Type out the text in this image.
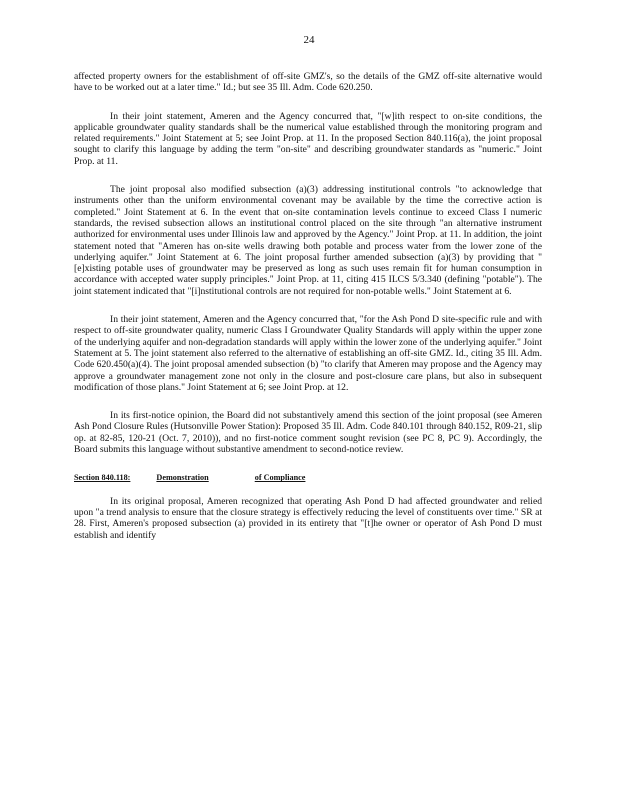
24

affected property owners for the establishment of off-site GMZ's, so the details of the GMZ off-site alternative would have to be worked out at a later time." Id.; but see 35 Ill. Adm. Code 620.250.

In their joint statement, Ameren and the Agency concurred that, "[w]ith respect to on-site conditions, the applicable groundwater quality standards shall be the numerical value established through the monitoring program and related requirements." Joint Statement at 5; see Joint Prop. at 11. In the proposed Section 840.116(a), the joint proposal sought to clarify this language by adding the term "on-site" and describing groundwater standards as "numeric." Joint Prop. at 11.

The joint proposal also modified subsection (a)(3) addressing institutional controls "to acknowledge that instruments other than the uniform environmental covenant may be available by the time the corrective action is completed." Joint Statement at 6. In the event that on-site contamination levels continue to exceed Class I numeric standards, the revised subsection allows an institutional control placed on the site through "an alternative instrument authorized for environmental uses under Illinois law and approved by the Agency." Joint Prop. at 11. In addition, the joint statement noted that "Ameren has on-site wells drawing both potable and process water from the lower zone of the underlying aquifer." Joint Statement at 6. The joint proposal further amended subsection (a)(3) by providing that "[e]xisting potable uses of groundwater may be preserved as long as such uses remain fit for human consumption in accordance with accepted water supply principles." Joint Prop. at 11, citing 415 ILCS 5/3.340 (defining "potable"). The joint statement indicated that "[i]nstitutional controls are not required for non-potable wells." Joint Statement at 6.

In their joint statement, Ameren and the Agency concurred that, "for the Ash Pond D site-specific rule and with respect to off-site groundwater quality, numeric Class I Groundwater Quality Standards will apply within the upper zone of the underlying aquifer and non-degradation standards will apply within the lower zone of the underlying aquifer." Joint Statement at 5. The joint statement also referred to the alternative of establishing an off-site GMZ. Id., citing 35 Ill. Adm. Code 620.450(a)(4). The joint proposal amended subsection (b) "to clarify that Ameren may propose and the Agency may approve a groundwater management zone not only in the closure and post-closure care plans, but also in subsequent modification of those plans." Joint Statement at 6; see Joint Prop. at 12.

In its first-notice opinion, the Board did not substantively amend this section of the joint proposal (see Ameren Ash Pond Closure Rules (Hutsonville Power Station): Proposed 35 Ill. Adm. Code 840.101 through 840.152, R09-21, slip op. at 82-85, 120-21 (Oct. 7, 2010)), and no first-notice comment sought revision (see PC 8, PC 9). Accordingly, the Board submits this language without substantive amendment to second-notice review.

Section 840.118:	Demonstration	of Compliance

In its original proposal, Ameren recognized that operating Ash Pond D had affected groundwater and relied upon "a trend analysis to ensure that the closure strategy is effectively reducing the level of constituents over time." SR at 28. First, Ameren's proposed subsection (a) provided in its entirety that "[t]he owner or operator of Ash Pond D must establish and identify
